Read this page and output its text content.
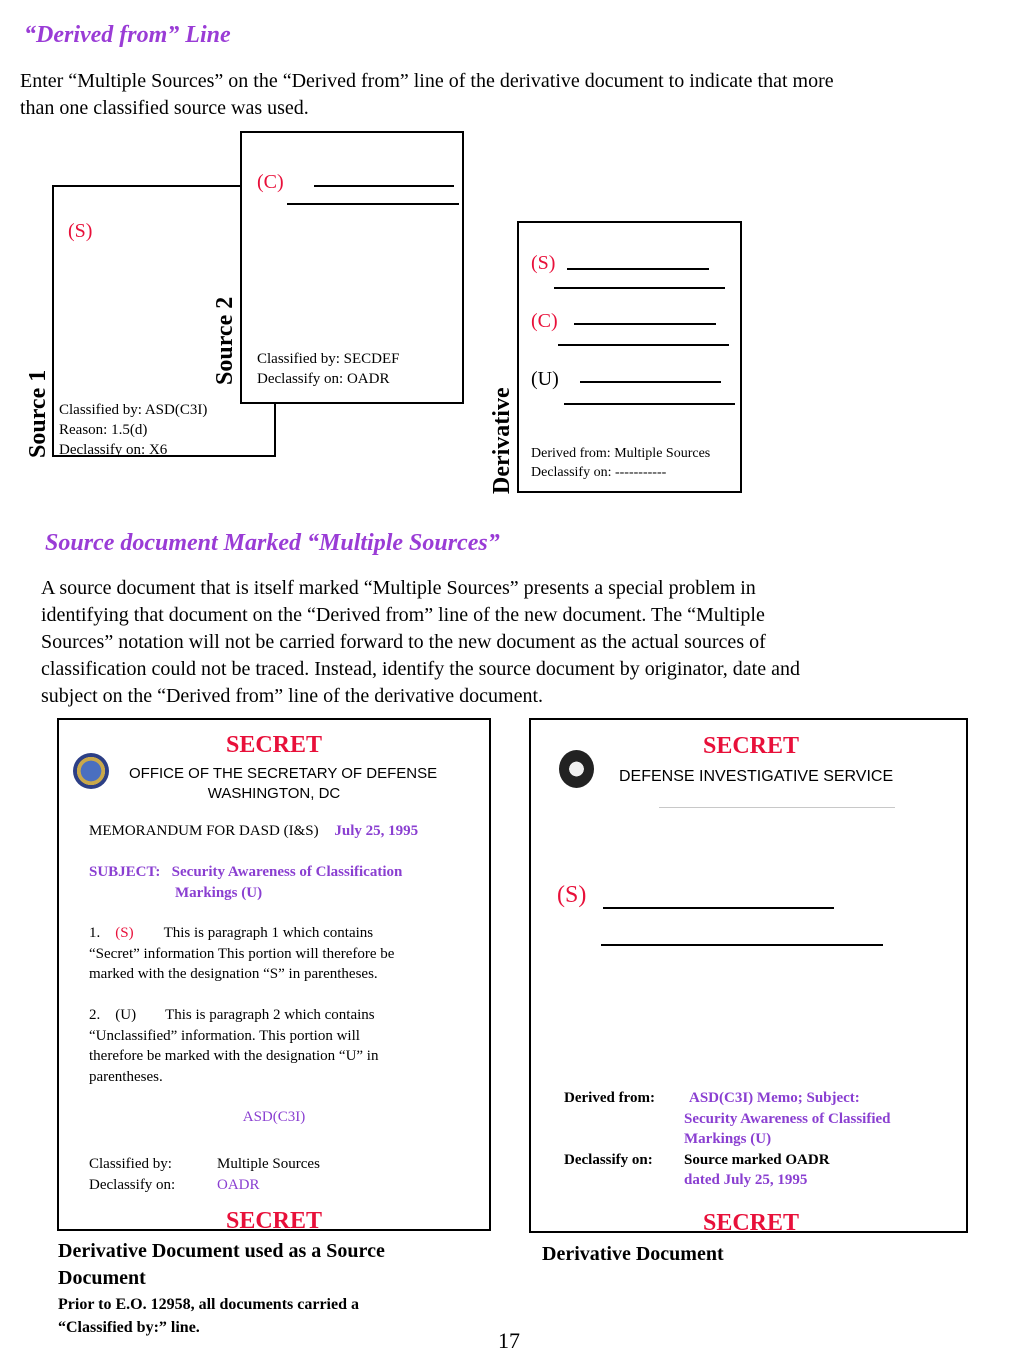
“Derived from” Line
Enter “Multiple Sources” on the “Derived from” line of the derivative document to indicate that more
than one classified source was used.
(S)
Classified by: ASD(C3I)
Reason: 1.5(d)
Declassify on: X6
Source 1
(C)
Classified by: SECDEF
Declassify on: OADR
Source 2
(S)
(C)
(U)
Derived from: Multiple Sources
Declassify on: -----------
Derivative
Source document Marked “Multiple Sources”
A source document that is itself marked “Multiple Sources” presents a special problem in
identifying that document on the “Derived from” line of the new document. The “Multiple
Sources” notation will not be carried forward to the new document as the actual sources of
classification could not be traced. Instead, identify the source document by originator, date and
subject on the “Derived from” line of the derivative document.
SECRET
OFFICE OF THE SECRETARY OF DEFENSE
WASHINGTON, DC
MEMORANDUM FOR DASD (I&S) July 25, 1995
SUBJECT: Security Awareness of Classification
Markings (U)
1. (S) This is paragraph 1 which contains
“Secret” information This portion will therefore be
marked with the designation “S” in parentheses.
2. (U) This is paragraph 2 which contains
“Unclassified” information. This portion will
therefore be marked with the designation “U” in
parentheses.
ASD(C3I)
Classified by:	Multiple Sources
Declassify on:	OADR
SECRET
Derivative Document used as a Source
Document
Prior to E.O. 12958, all documents carried a
“Classified by:” line.
SECRET
DEFENSE INVESTIGATIVE SERVICE
(S)
Derived from: ASD(C3I) Memo; Subject:
Security Awareness of Classified
Markings (U)
Declassify on: Source marked OADR
dated July 25, 1995
SECRET
Derivative Document
17
